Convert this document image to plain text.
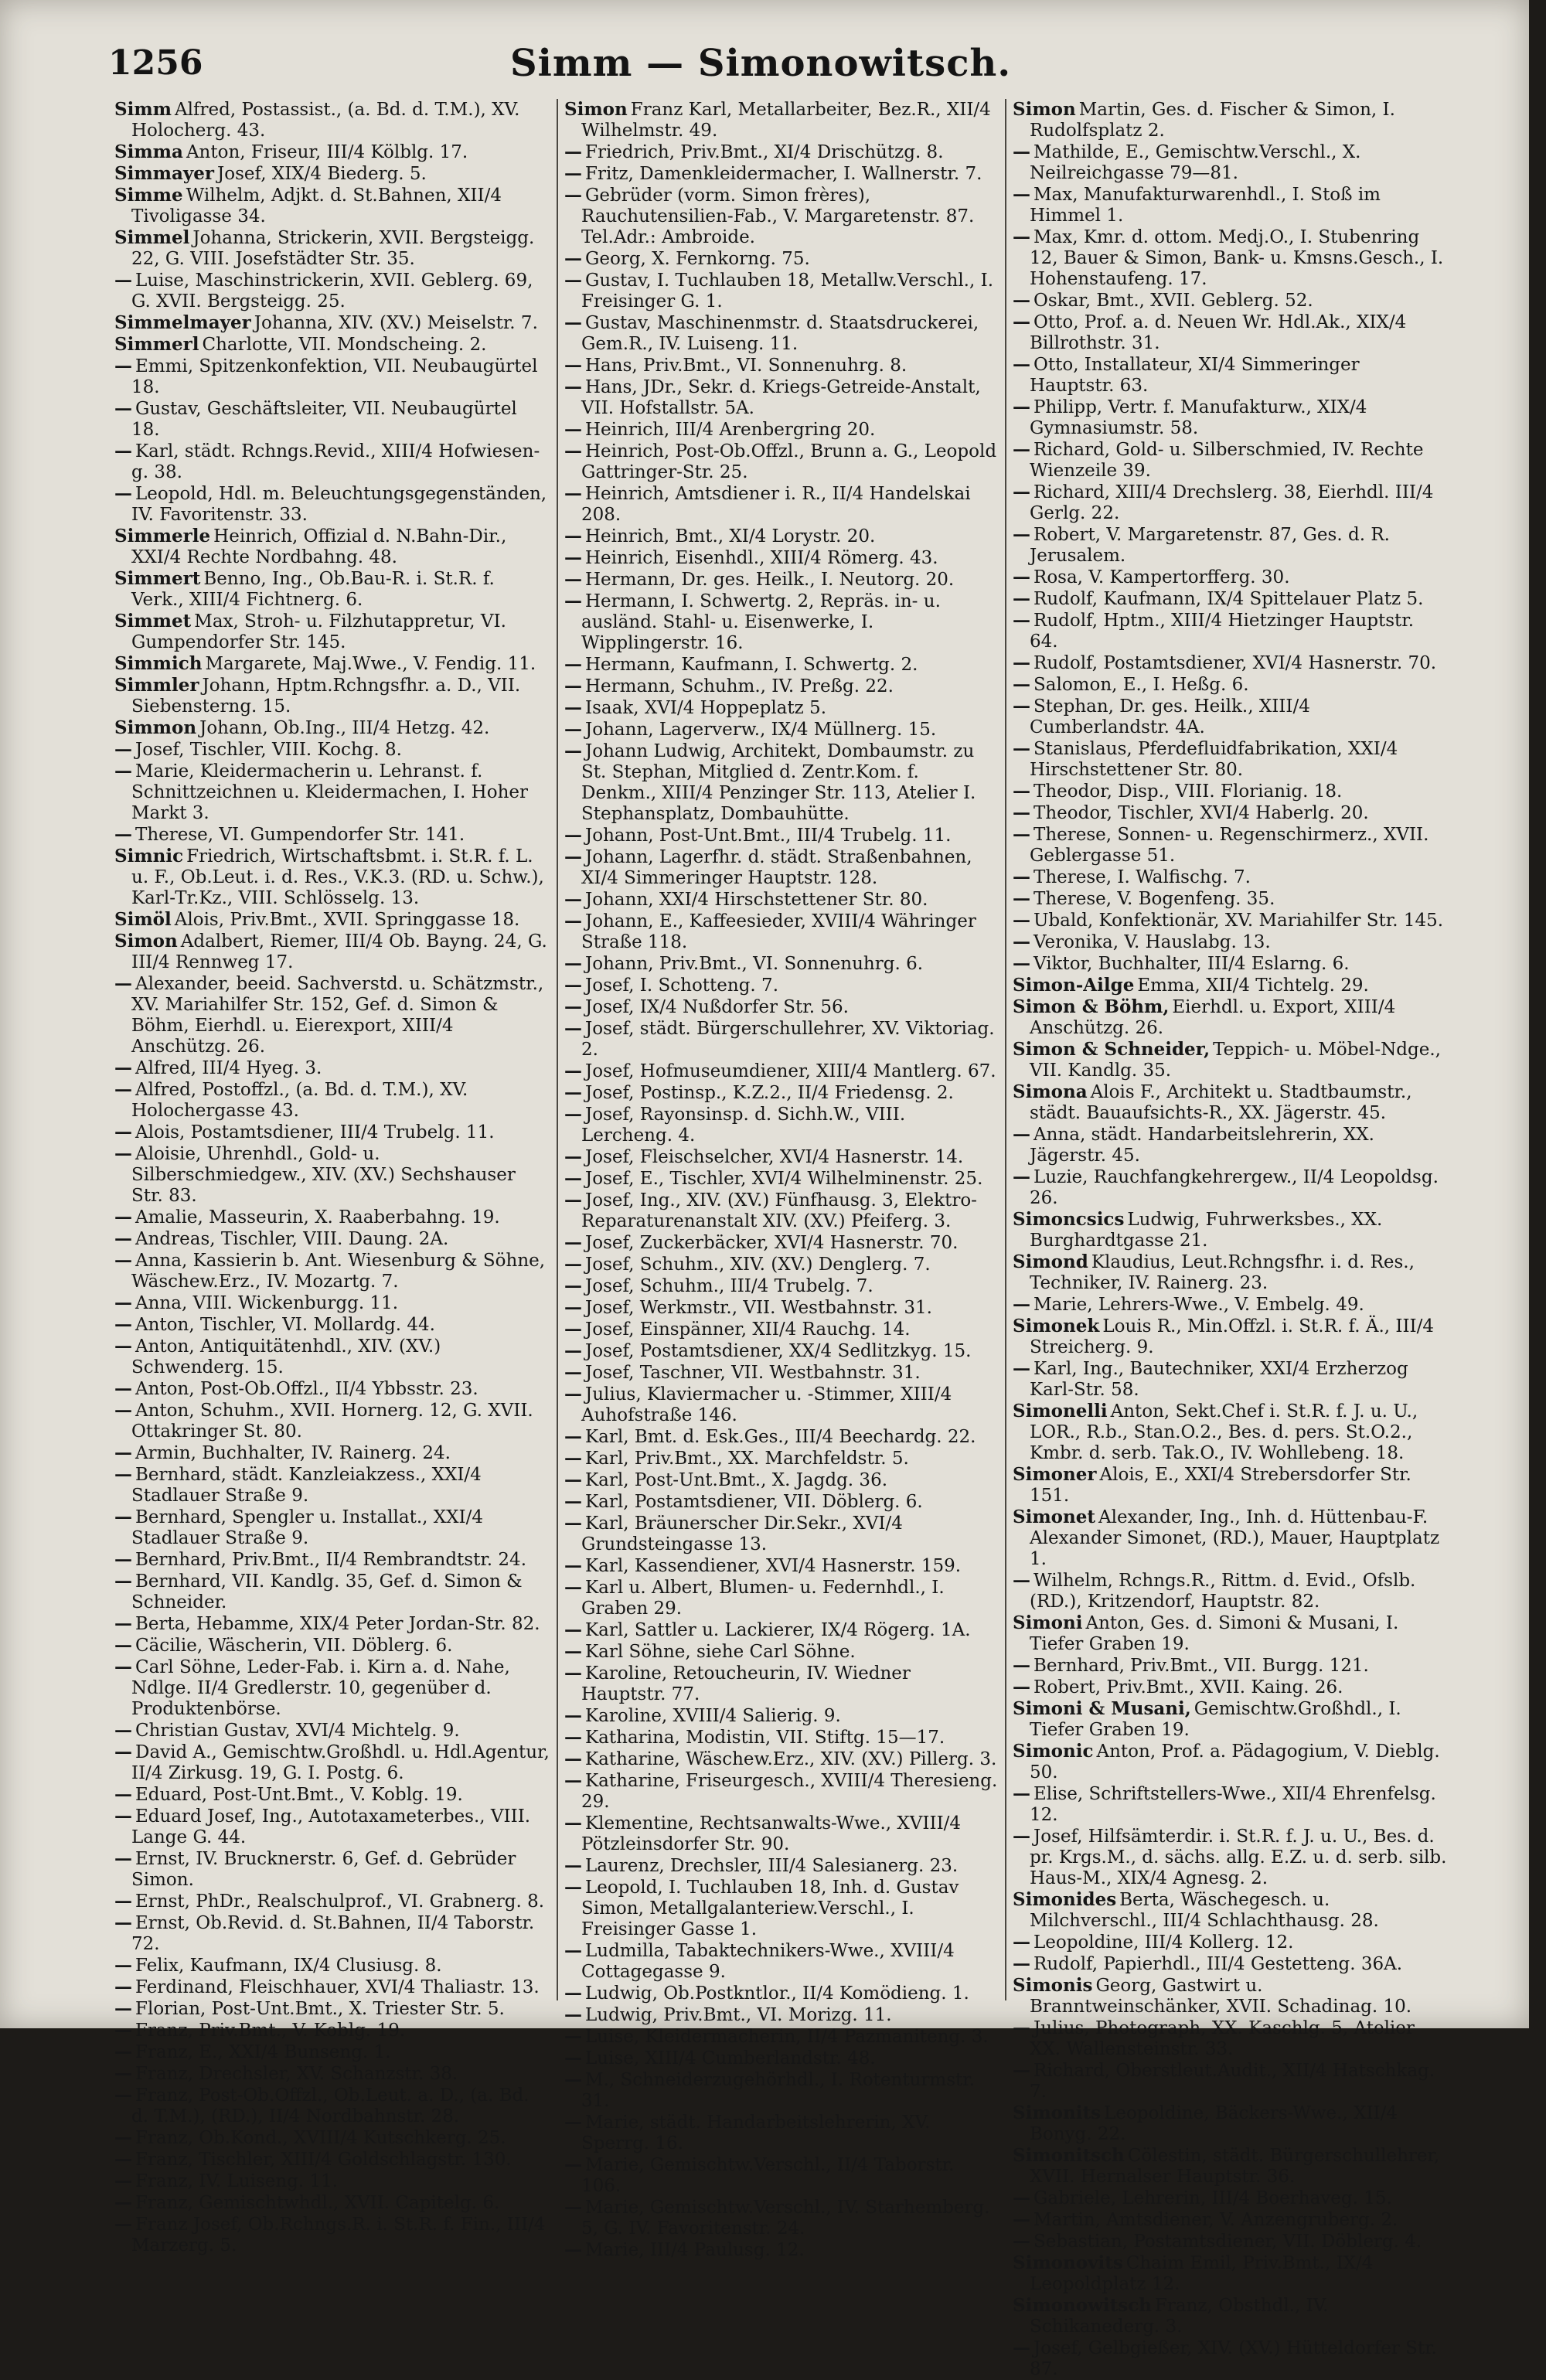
1256	Simm — Simonowitsch.

Simm Alfred, Postassist., (a. Bd. d. T.M.), XV. Holocherg. 43.

Simma Anton, Friseur, III/4 Kölblg. 17.

Simmayer Josef, XIX/4 Biederg. 5.

Simme Wilhelm, Adjkt. d. St.Bahnen, XII/4 Tivoligasse 34.

Simmel Johanna, Strickerin, XVII. Bergsteigg. 22, G. VIII. Josefstädter Str. 35.

— Luise, Maschinstrickerin, XVII. Geblerg. 69, G. XVII. Bergsteigg. 25.

Simmelmayer Johanna, XIV. (XV.) Meiselstr. 7.

Simmerl Charlotte, VII. Mondscheing. 2.

— Emmi, Spitzenkonfektion, VII. Neubaugürtel 18.

— Gustav, Geschäftsleiter, VII. Neubaugürtel 18.

— Karl, städt. Rchngs.Revid., XIII/4 Hofwieseng. 38.

— Leopold, Hdl. m. Beleuchtungsgegenständen, IV. Favoritenstr. 33.

Simmerle Heinrich, Offizial d. N.Bahn-Dir., XXI/4 Rechte Nordbahng. 48.

Simmert Benno, Ing., Ob.Bau-R. i. St.R. f. Verk., XIII/4 Fichtnerg. 6.

Simmet Max, Stroh- u. Filzhutappretur, VI. Gumpendorfer Str. 145.

Simmich Margarete, Maj.Wwe., V. Fendig. 11.

Simmler Johann, Hptm.Rchngsfhr. a. D., VII. Siebensterng. 15.

Simmon Johann, Ob.Ing., III/4 Hetzg. 42.

— Josef, Tischler, VIII. Kochg. 8.

— Marie, Kleidermacherin u. Lehranst. f. Schnittzeichnen u. Kleidermachen, I. Hoher Markt 3.

— Therese, VI. Gumpendorfer Str. 141.

Simnic Friedrich, Wirtschaftsbmt. i. St.R. f. L. u. F., Ob.Leut. i. d. Res., V.K.3. (RD. u. Schw.), Karl-Tr.Kz., VIII. Schlösselg. 13.

Simöl Alois, Priv.Bmt., XVII. Springgasse 18.

Simon Adalbert, Riemer, III/4 Ob. Bayng. 24, G. III/4 Rennweg 17.

— Alexander, beeid. Sachverstd. u. Schätzmstr., XV. Mariahilfer Str. 152, Gef. d. Simon & Böhm, Eierhdl. u. Eierexport, XIII/4 Anschützg. 26.

— Alfred, III/4 Hyeg. 3.

— Alfred, Postoffzl., (a. Bd. d. T.M.), XV. Holochergasse 43.

— Alois, Postamtsdiener, III/4 Trubelg. 11.

— Aloisie, Uhrenhdl., Gold- u. Silberschmiedgew., XIV. (XV.) Sechshauser Str. 83.

— Amalie, Masseurin, X. Raaberbahng. 19.

— Andreas, Tischler, VIII. Daung. 2A.

— Anna, Kassierin b. Ant. Wiesenburg & Söhne, Wäschew.Erz., IV. Mozartg. 7.

— Anna, VIII. Wickenburgg. 11.

— Anton, Tischler, VI. Mollardg. 44.

— Anton, Antiquitätenhdl., XIV. (XV.) Schwenderg. 15.

— Anton, Post-Ob.Offzl., II/4 Ybbsstr. 23.

— Anton, Schuhm., XVII. Hornerg. 12, G. XVII. Ottakringer St. 80.

— Armin, Buchhalter, IV. Rainerg. 24.

— Bernhard, städt. Kanzleiakzess., XXI/4 Stadlauer Straße 9.

— Bernhard, Spengler u. Installat., XXI/4 Stadlauer Straße 9.

— Bernhard, Priv.Bmt., II/4 Rembrandtstr. 24.

— Bernhard, VII. Kandlg. 35, Gef. d. Simon & Schneider.

— Berta, Hebamme, XIX/4 Peter Jordan-Str. 82.

— Cäcilie, Wäscherin, VII. Döblerg. 6.

— Carl Söhne, Leder-Fab. i. Kirn a. d. Nahe, Ndlge. II/4 Gredlerstr. 10, gegenüber d. Produktenbörse.

— Christian Gustav, XVI/4 Michtelg. 9.

— David A., Gemischtw.Großhdl. u. Hdl.Agentur, II/4 Zirkusg. 19, G. I. Postg. 6.

— Eduard, Post-Unt.Bmt., V. Koblg. 19.

— Eduard Josef, Ing., Autotaxameterbes., VIII. Lange G. 44.

— Ernst, IV. Brucknerstr. 6, Gef. d. Gebrüder Simon.

— Ernst, PhDr., Realschulprof., VI. Grabnerg. 8.

— Ernst, Ob.Revid. d. St.Bahnen, II/4 Taborstr. 72.

— Felix, Kaufmann, IX/4 Clusiusg. 8.

— Ferdinand, Fleischhauer, XVI/4 Thaliastr. 13.

— Florian, Post-Unt.Bmt., X. Triester Str. 5.

— Franz, Priv.Bmt., V. Koblg. 19.

— Franz, E., XXI/4 Bunseng. 1.

— Franz, Drechsler, XV. Schanzstr. 38.

— Franz, Post-Ob.Offzl., Ob.Leut. a. D., (a. Bd. d. T.M.), (RD.), II/4 Nordbahnstr. 28.

— Franz, Ob.Kond., XVIII/4 Kutschkerg. 25.

— Franz, Tischler, XIII/4 Goldschlagstr. 130.

— Franz, IV. Luiseng. 11.

— Franz, Gemischtwhdl., XVII. Capitelg. 6.

— Franz Josef, Ob.Rchngs.R. i. St.R. f. Fin., III/4 Marzerg. 5.

Simon Franz Karl, Metallarbeiter, Bez.R., XII/4 Wilhelmstr. 49.

— Friedrich, Priv.Bmt., XI/4 Drischützg. 8.

— Fritz, Damenkleidermacher, I. Wallnerstr. 7.

— Gebrüder (vorm. Simon frères), Rauchutensilien-Fab., V. Margaretenstr. 87. Tel.Adr.: Ambroide.

— Georg, X. Fernkorng. 75.

— Gustav, I. Tuchlauben 18, Metallw.Verschl., I. Freisinger G. 1.

— Gustav, Maschinenmstr. d. Staatsdruckerei, Gem.R., IV. Luiseng. 11.

— Hans, Priv.Bmt., VI. Sonnenuhrg. 8.

— Hans, JDr., Sekr. d. Kriegs-Getreide-Anstalt, VII. Hofstallstr. 5A.

— Heinrich, III/4 Arenbergring 20.

— Heinrich, Post-Ob.Offzl., Brunn a. G., Leopold Gattringer-Str. 25.

— Heinrich, Amtsdiener i. R., II/4 Handelskai 208.

— Heinrich, Bmt., XI/4 Lorystr. 20.

— Heinrich, Eisenhdl., XIII/4 Römerg. 43.

— Hermann, Dr. ges. Heilk., I. Neutorg. 20.

— Hermann, I. Schwertg. 2, Repräs. in- u. ausländ. Stahl- u. Eisenwerke, I. Wipplingerstr. 16.

— Hermann, Kaufmann, I. Schwertg. 2.

— Hermann, Schuhm., IV. Preßg. 22.

— Isaak, XVI/4 Hoppeplatz 5.

— Johann, Lagerverw., IX/4 Müllnerg. 15.

— Johann Ludwig, Architekt, Dombaumstr. zu St. Stephan, Mitglied d. Zentr.Kom. f. Denkm., XIII/4 Penzinger Str. 113, Atelier I. Stephansplatz, Dombauhütte.

— Johann, Post-Unt.Bmt., III/4 Trubelg. 11.

— Johann, Lagerfhr. d. städt. Straßenbahnen, XI/4 Simmeringer Hauptstr. 128.

— Johann, XXI/4 Hirschstettener Str. 80.

— Johann, E., Kaffeesieder, XVIII/4 Währinger Straße 118.

— Johann, Priv.Bmt., VI. Sonnenuhrg. 6.

— Josef, I. Schotteng. 7.

— Josef, IX/4 Nußdorfer Str. 56.

— Josef, städt. Bürgerschullehrer, XV. Viktoriag. 2.

— Josef, Hofmuseumdiener, XIII/4 Mantlerg. 67.

— Josef, Postinsp., K.Z.2., II/4 Friedensg. 2.

— Josef, Rayonsinsp. d. Sichh.W., VIII. Lercheng. 4.

— Josef, Fleischselcher, XVI/4 Hasnerstr. 14.

— Josef, E., Tischler, XVI/4 Wilhelminenstr. 25.

— Josef, Ing., XIV. (XV.) Fünfhausg. 3, Elektro-Reparaturenanstalt XIV. (XV.) Pfeiferg. 3.

— Josef, Zuckerbäcker, XVI/4 Hasnerstr. 70.

— Josef, Schuhm., XIV. (XV.) Denglerg. 7.

— Josef, Schuhm., III/4 Trubelg. 7.

— Josef, Werkmstr., VII. Westbahnstr. 31.

— Josef, Einspänner, XII/4 Rauchg. 14.

— Josef, Postamtsdiener, XX/4 Sedlitzkyg. 15.

— Josef, Taschner, VII. Westbahnstr. 31.

— Julius, Klaviermacher u. -Stimmer, XIII/4 Auhofstraße 146.

— Karl, Bmt. d. Esk.Ges., III/4 Beechardg. 22.

— Karl, Priv.Bmt., XX. Marchfeldstr. 5.

— Karl, Post-Unt.Bmt., X. Jagdg. 36.

— Karl, Postamtsdiener, VII. Döblerg. 6.

— Karl, Bräunerscher Dir.Sekr., XVI/4 Grundsteingasse 13.

— Karl, Kassendiener, XVI/4 Hasnerstr. 159.

— Karl u. Albert, Blumen- u. Federnhdl., I. Graben 29.

— Karl, Sattler u. Lackierer, IX/4 Rögerg. 1A.

— Karl Söhne, siehe Carl Söhne.

— Karoline, Retoucheurin, IV. Wiedner Hauptstr. 77.

— Karoline, XVIII/4 Salierig. 9.

— Katharina, Modistin, VII. Stiftg. 15—17.

— Katharine, Wäschew.Erz., XIV. (XV.) Pillerg. 3.

— Katharine, Friseurgesch., XVIII/4 Theresieng. 29.

— Klementine, Rechtsanwalts-Wwe., XVIII/4 Pötzleinsdorfer Str. 90.

— Laurenz, Drechsler, III/4 Salesianerg. 23.

— Leopold, I. Tuchlauben 18, Inh. d. Gustav Simon, Metallgalanteriew.Verschl., I. Freisinger Gasse 1.

— Ludmilla, Tabaktechnikers-Wwe., XVIII/4 Cottagegasse 9.

— Ludwig, Ob.Postkntlor., II/4 Komödieng. 1.

— Ludwig, Priv.Bmt., VI. Morizg. 11.

— Luise, Kleidermacherin, II/4 Pazmaniteng. 3.

— Luise, XIII/4 Cumberlandstr. 48.

— M., Schneiderzugehörhdl., I. Rotenturmstr. 31.

— Marie, städt. Handarbeitslehrerin, XV. Sperrg. 16.

— Marie, Gemischtw.Verschl., II/4 Taborstr. 106.

— Marie, Gemischtw.Verschl., IV. Starhemberg. 5, G. IV. Favoritenstr. 24.

— Marie, III/4 Paulusg. 12.

Simon Martin, Ges. d. Fischer & Simon, I. Rudolfsplatz 2.

— Mathilde, E., Gemischtw.Verschl., X. Neilreichgasse 79—81.

— Max, Manufakturwarenhdl., I. Stoß im Himmel 1.

— Max, Kmr. d. ottom. Medj.O., I. Stubenring 12, Bauer & Simon, Bank- u. Kmsns.Gesch., I. Hohenstaufeng. 17.

— Oskar, Bmt., XVII. Geblerg. 52.

— Otto, Prof. a. d. Neuen Wr. Hdl.Ak., XIX/4 Billrothstr. 31.

— Otto, Installateur, XI/4 Simmeringer Hauptstr. 63.

— Philipp, Vertr. f. Manufakturw., XIX/4 Gymnasiumstr. 58.

— Richard, Gold- u. Silberschmied, IV. Rechte Wienzeile 39.

— Richard, XIII/4 Drechslerg. 38, Eierhdl. III/4 Gerlg. 22.

— Robert, V. Margaretenstr. 87, Ges. d. R. Jerusalem.

— Rosa, V. Kampertorfferg. 30.

— Rudolf, Kaufmann, IX/4 Spittelauer Platz 5.

— Rudolf, Hptm., XIII/4 Hietzinger Hauptstr. 64.

— Rudolf, Postamtsdiener, XVI/4 Hasnerstr. 70.

— Salomon, E., I. Heßg. 6.

— Stephan, Dr. ges. Heilk., XIII/4 Cumberlandstr. 4A.

— Stanislaus, Pferdefluidfabrikation, XXI/4 Hirschstettener Str. 80.

— Theodor, Disp., VIII. Florianig. 18.

— Theodor, Tischler, XVI/4 Haberlg. 20.

— Therese, Sonnen- u. Regenschirmerz., XVII. Geblergasse 51.

— Therese, I. Walfischg. 7.

— Therese, V. Bogenfeng. 35.

— Ubald, Konfektionär, XV. Mariahilfer Str. 145.

— Veronika, V. Hauslabg. 13.

— Viktor, Buchhalter, III/4 Eslarng. 6.

Simon-Ailge Emma, XII/4 Tichtelg. 29.

Simon & Böhm, Eierhdl. u. Export, XIII/4 Anschützg. 26.

Simon & Schneider, Teppich- u. Möbel-Ndge., VII. Kandlg. 35.

Simona Alois F., Architekt u. Stadtbaumstr., städt. Bauaufsichts-R., XX. Jägerstr. 45.

— Anna, städt. Handarbeitslehrerin, XX. Jägerstr. 45.

— Luzie, Rauchfangkehrergew., II/4 Leopoldsg. 26.

Simoncsics Ludwig, Fuhrwerksbes., XX. Burghardtgasse 21.

Simond Klaudius, Leut.Rchngsfhr. i. d. Res., Techniker, IV. Rainerg. 23.

— Marie, Lehrers-Wwe., V. Embelg. 49.

Simonek Louis R., Min.Offzl. i. St.R. f. Ä., III/4 Streicherg. 9.

— Karl, Ing., Bautechniker, XXI/4 Erzherzog Karl-Str. 58.

Simonelli Anton, Sekt.Chef i. St.R. f. J. u. U., LOR., R.b., Stan.O.2., Bes. d. pers. St.O.2., Kmbr. d. serb. Tak.O., IV. Wohllebeng. 18.

Simoner Alois, E., XXI/4 Strebersdorfer Str. 151.

Simonet Alexander, Ing., Inh. d. Hüttenbau-F. Alexander Simonet, (RD.), Mauer, Hauptplatz 1.

— Wilhelm, Rchngs.R., Rittm. d. Evid., Ofslb. (RD.), Kritzendorf, Hauptstr. 82.

Simoni Anton, Ges. d. Simoni & Musani, I. Tiefer Graben 19.

— Bernhard, Priv.Bmt., VII. Burgg. 121.

— Robert, Priv.Bmt., XVII. Kaing. 26.

Simoni & Musani, Gemischtw.Großhdl., I. Tiefer Graben 19.

Simonic Anton, Prof. a. Pädagogium, V. Dieblg. 50.

— Elise, Schriftstellers-Wwe., XII/4 Ehrenfelsg. 12.

— Josef, Hilfsämterdir. i. St.R. f. J. u. U., Bes. d. pr. Krgs.M., d. sächs. allg. E.Z. u. d. serb. silb. Haus-M., XIX/4 Agnesg. 2.

Simonides Berta, Wäschegesch. u. Milchverschl., III/4 Schlachthausg. 28.

— Leopoldine, III/4 Kollerg. 12.

— Rudolf, Papierhdl., III/4 Gestetteng. 36A.

Simonis Georg, Gastwirt u. Branntweinschänker, XVII. Schadinag. 10.

— Julius, Photograph, XX. Kaschlg. 5, Atelier XX. Wallensteinstr. 33.

— Richard, Oberstleut.Audit., XII/4 Hatschkag. 7.

Simonits Leopoldine, Bäckers-Wwe., XII/4 Bonyg. 22.

Simonitsch Cölestin, städt. Bürgerschullehrer, XVII. Hernalser Hauptstr. 36.

— Gabriele, Lehrerin, III/4 Boerhaveg. 15.

— Martin, Amtsdiener, V. Anzengruberg. 2.

— Sebastian, Postamtsdiener, VII. Döblerg. 4.

Simonovits Chaim Emil, Priv.Bmt., IX/4 Leopoldplatz 12.

Simonowitsch Franz, Obsthdl., IV. Schikanederg. 3.

— Josef, Gelbgießer, XIV. (XV.) Hütteldorfer Str. 87.
